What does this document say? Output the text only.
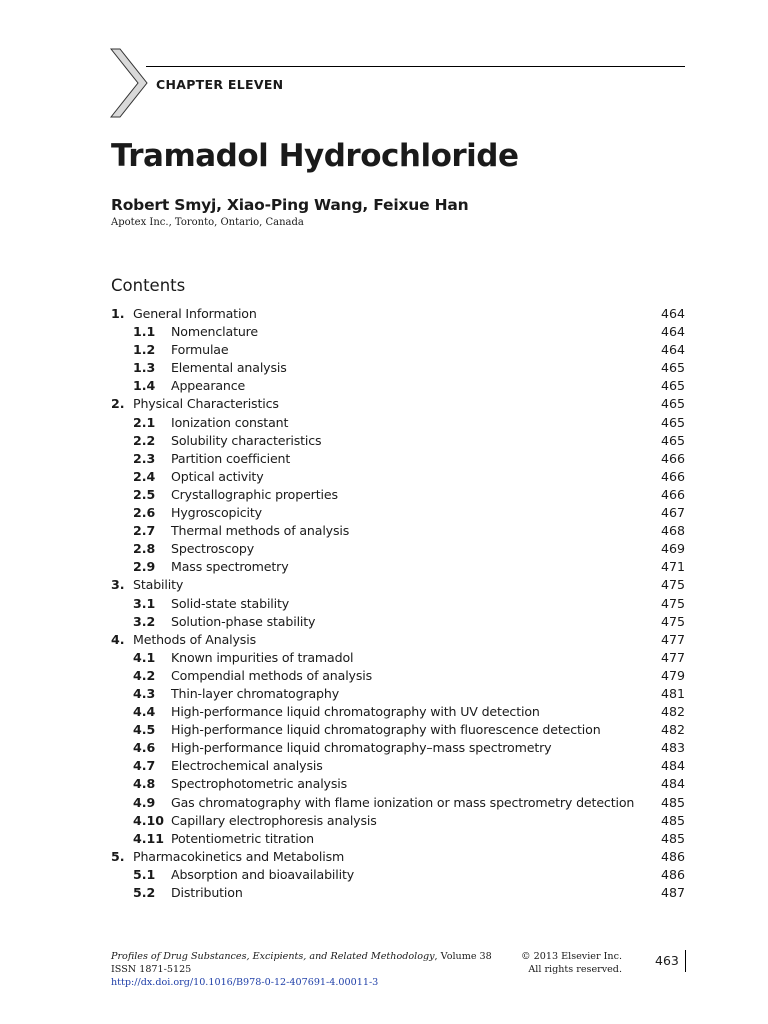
CHAPTER ELEVEN
Tramadol Hydrochloride
Robert Smyj, Xiao-Ping Wang, Feixue Han
Apotex Inc., Toronto, Ontario, Canada
Contents
1. General Information	464
1.1 Nomenclature	464
1.2 Formulae	464
1.3 Elemental analysis	465
1.4 Appearance	465
2. Physical Characteristics	465
2.1 Ionization constant	465
2.2 Solubility characteristics	465
2.3 Partition coefficient	466
2.4 Optical activity	466
2.5 Crystallographic properties	466
2.6 Hygroscopicity	467
2.7 Thermal methods of analysis	468
2.8 Spectroscopy	469
2.9 Mass spectrometry	471
3. Stability	475
3.1 Solid-state stability	475
3.2 Solution-phase stability	475
4. Methods of Analysis	477
4.1 Known impurities of tramadol	477
4.2 Compendial methods of analysis	479
4.3 Thin-layer chromatography	481
4.4 High-performance liquid chromatography with UV detection	482
4.5 High-performance liquid chromatography with fluorescence detection	482
4.6 High-performance liquid chromatography–mass spectrometry	483
4.7 Electrochemical analysis	484
4.8 Spectrophotometric analysis	484
4.9 Gas chromatography with flame ionization or mass spectrometry detection 485
4.10 Capillary electrophoresis analysis	485
4.11 Potentiometric titration	485
5. Pharmacokinetics and Metabolism	486
5.1 Absorption and bioavailability	486
5.2 Distribution	487
Profiles of Drug Substances, Excipients, and Related Methodology, Volume 38
ISSN 1871-5125
http://dx.doi.org/10.1016/B978-0-12-407691-4.00011-3
© 2013 Elsevier Inc.
All rights reserved.
463
